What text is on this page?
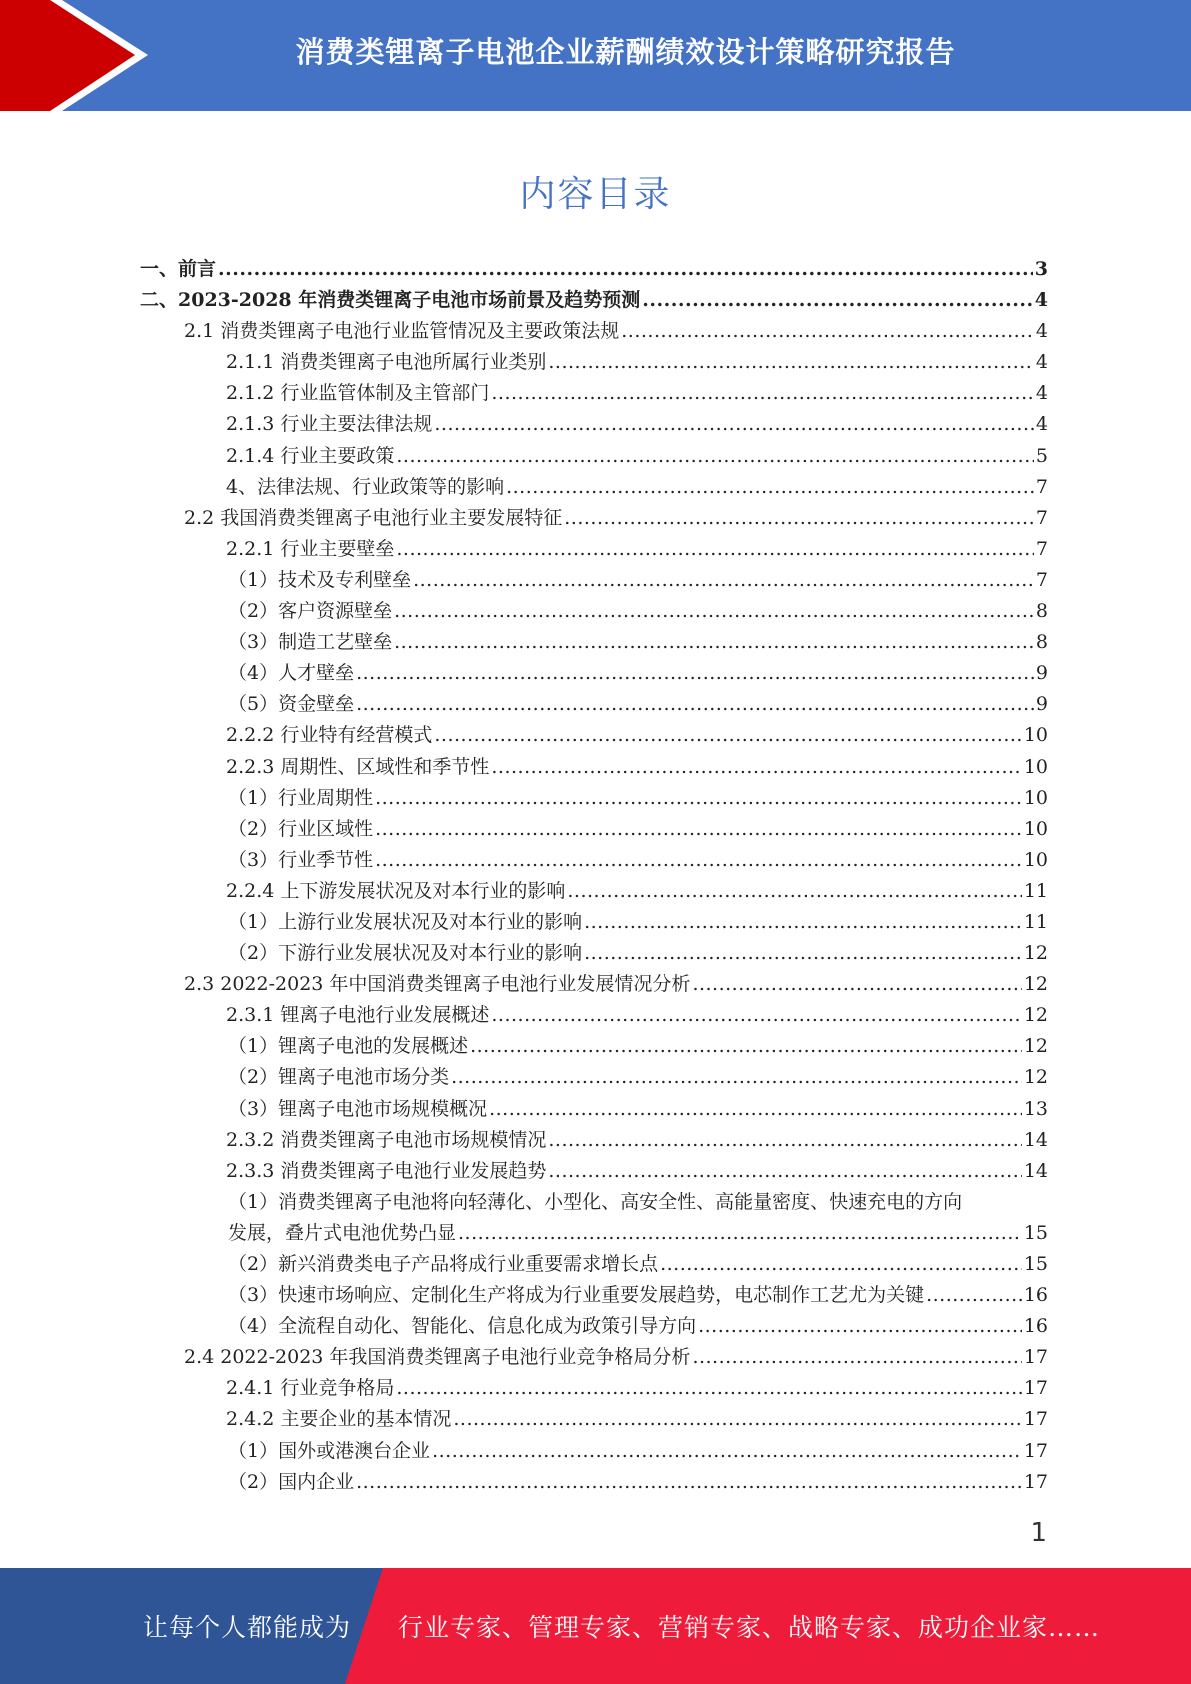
消费类锂离子电池企业薪酬绩效设计策略研究报告
内容目录
一、前言 .....	3
二、2023-2028 年消费类锂离子电池市场前景及趋势预测 .....	4
2.1 消费类锂离子电池行业监管情况及主要政策法规 .....	4
2.1.1 消费类锂离子电池所属行业类别 .....	4
2.1.2 行业监管体制及主管部门 .....	4
2.1.3 行业主要法律法规 .....	4
2.1.4 行业主要政策 .....	5
4、法律法规、行业政策等的影响 .....	7
2.2 我国消费类锂离子电池行业主要发展特征 .....	7
2.2.1 行业主要壁垒 .....	7
（1）技术及专利壁垒 .....	7
（2）客户资源壁垒 .....	8
（3）制造工艺壁垒 .....	8
（4）人才壁垒 .....	9
（5）资金壁垒 .....	9
2.2.2 行业特有经营模式 .....	10
2.2.3 周期性、区域性和季节性 .....	10
（1）行业周期性 .....	10
（2）行业区域性 .....	10
（3）行业季节性 .....	10
2.2.4 上下游发展状况及对本行业的影响 .....	11
（1）上游行业发展状况及对本行业的影响 .....	11
（2）下游行业发展状况及对本行业的影响 .....	12
2.3 2022-2023 年中国消费类锂离子电池行业发展情况分析 .....	12
2.3.1 锂离子电池行业发展概述 .....	12
（1）锂离子电池的发展概述 .....	12
（2）锂离子电池市场分类 .....	12
（3）锂离子电池市场规模概况 .....	13
2.3.2 消费类锂离子电池市场规模情况 .....	14
2.3.3 消费类锂离子电池行业发展趋势 .....	14
（1）消费类锂离子电池将向轻薄化、小型化、高安全性、高能量密度、快速充电的方向
发展，叠片式电池优势凸显 .....	15
（2）新兴消费类电子产品将成行业重要需求增长点 .....	15
（3）快速市场响应、定制化生产将成为行业重要发展趋势，电芯制作工艺尤为关键 .....	16
（4）全流程自动化、智能化、信息化成为政策引导方向 .....	16
2.4 2022-2023 年我国消费类锂离子电池行业竞争格局分析 .....	17
2.4.1 行业竞争格局 .....	17
2.4.2 主要企业的基本情况 .....	17
（1）国外或港澳台企业 .....	17
（2）国内企业 .....	17
1
让每个人都能成为 行业专家、管理专家、营销专家、战略专家、成功企业家……
